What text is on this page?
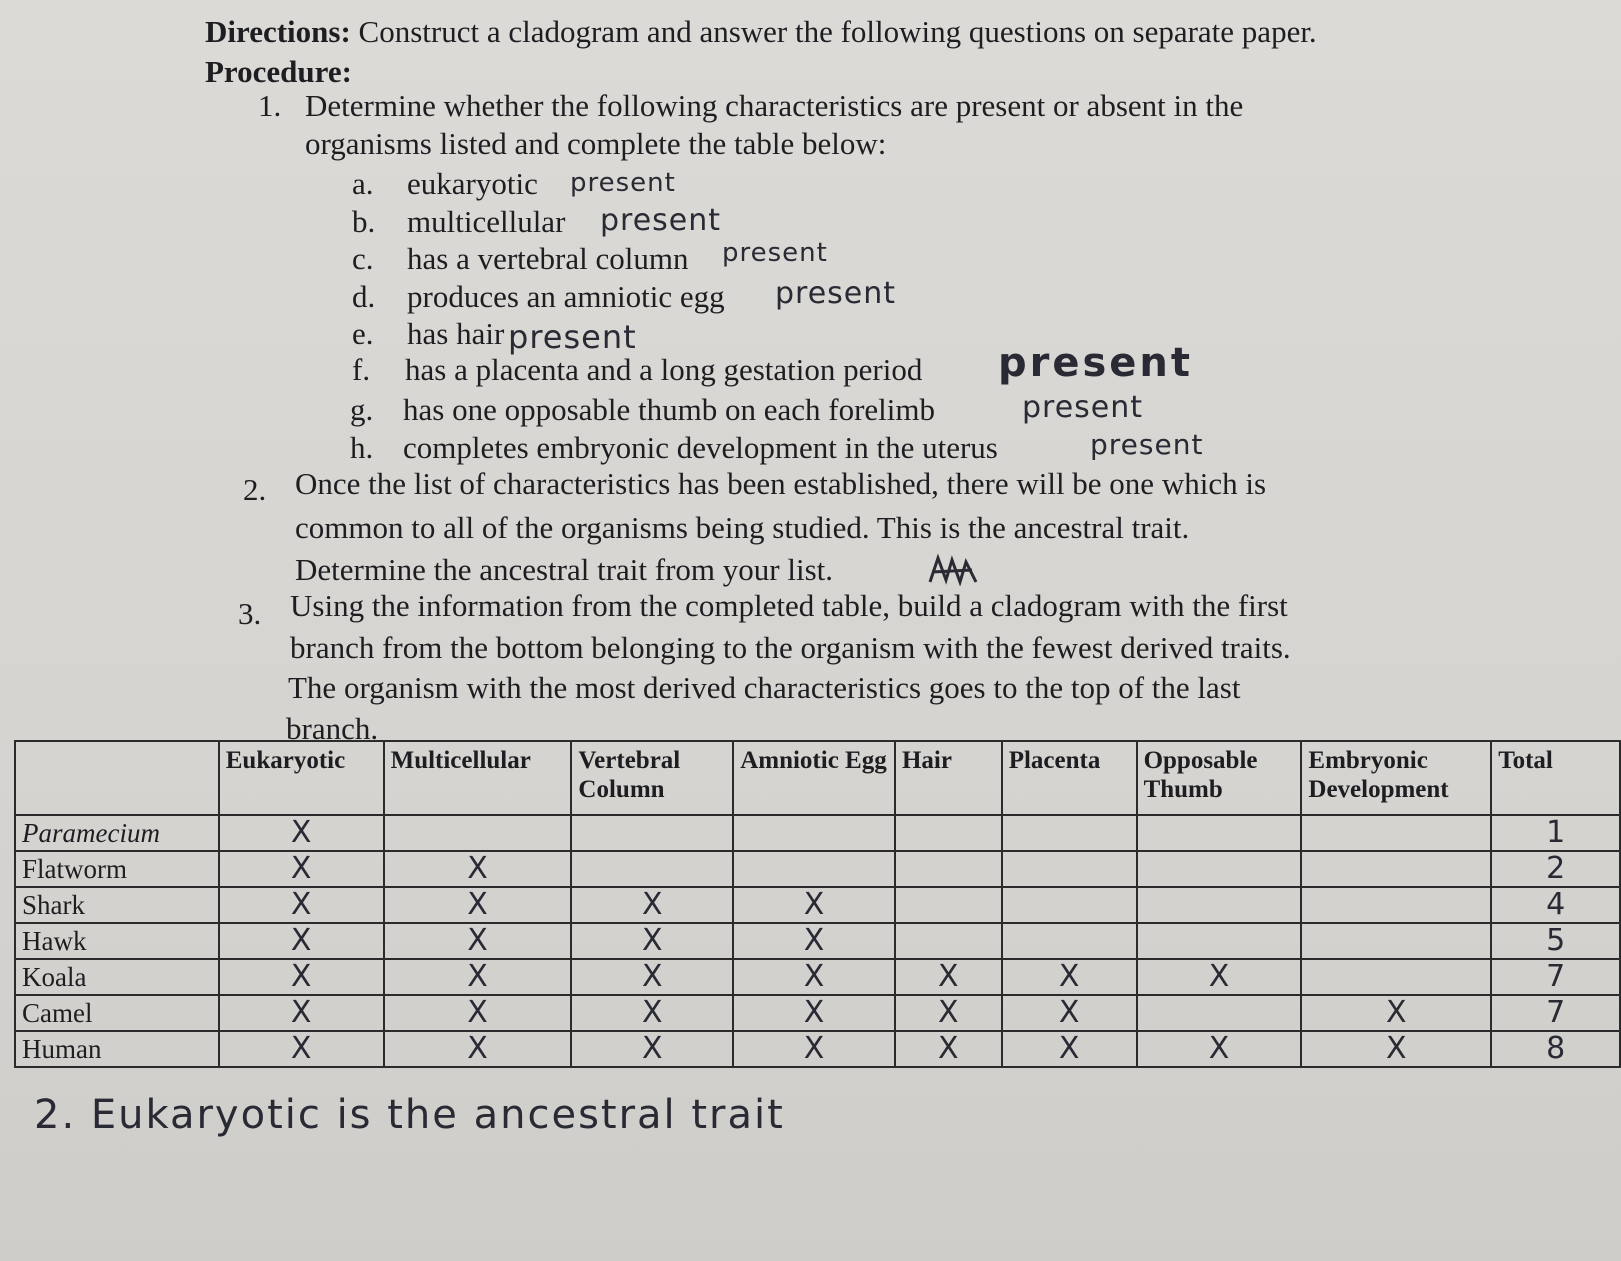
Directions: Construct a cladogram and answer the following questions on separate paper.
Procedure:
1. Determine whether the following characteristics are present or absent in the
organisms listed and complete the table below:
a. eukaryotic present
b. multicellular present
c. has a vertebral column present
d. produces an amniotic egg present
e. has hair present
f. has a placenta and a long gestation period present
g. has one opposable thumb on each forelimb	present
h. completes embryonic development in the uterus	present
2. Once the list of characteristics has been established, there will be one which is
common to all of the organisms being studied. This is the ancestral trait.
Determine the ancestral trait from your list.
3. Using the information from the completed table, build a cladogram with the first
branch from the bottom belonging to the organism with the fewest derived traits.
The organism with the most derived characteristics goes to the top of the last
branch.
	Eukaryotic	Multicellular	Vertebral Column	Amniotic Egg	Hair	Placenta	Opposable Thumb	Embryonic Development	Total
Paramecium	X								1
Flatworm	X	X							2
Shark	X	X	X	X					4
Hawk	X	X	X	X					5
Koala	X	X	X	X	X	X	X		7
Camel	X	X	X	X	X	X		X	7
Human	X	X	X	X	X	X	X	X	8
2. Eukaryotic is the ancestral trait
